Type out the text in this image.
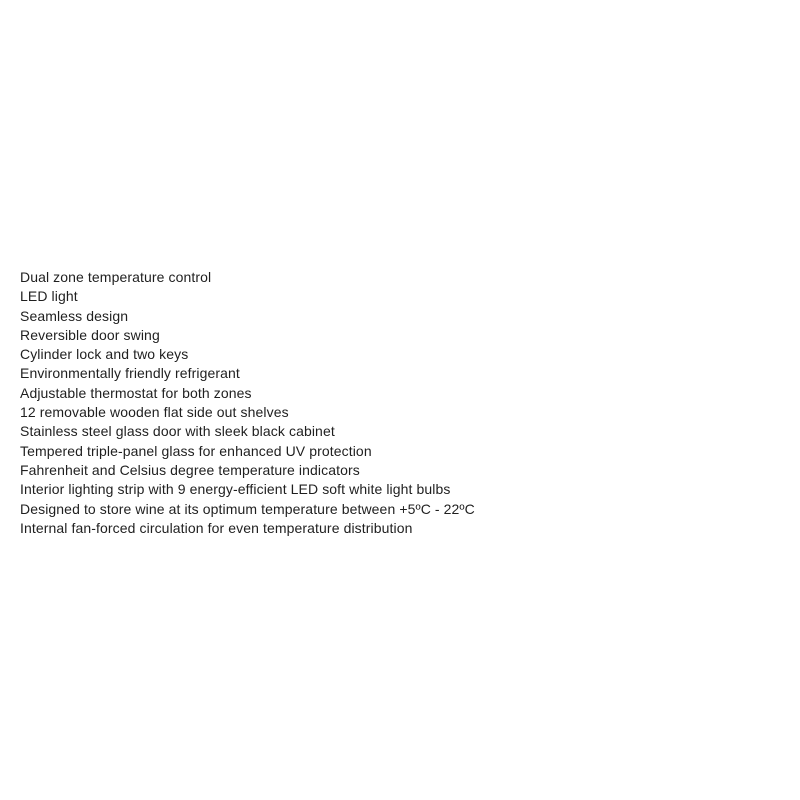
Dual zone temperature control
LED light
Seamless design
Reversible door swing
Cylinder lock and two keys
Environmentally friendly refrigerant
Adjustable thermostat for both zones
12 removable wooden flat side out shelves
Stainless steel glass door with sleek black cabinet
Tempered triple-panel glass for enhanced UV protection
Fahrenheit and Celsius degree temperature indicators
Interior lighting strip with 9 energy-efficient LED soft white light bulbs
Designed to store wine at its optimum temperature between +5ºC - 22ºC
Internal fan-forced circulation for even temperature distribution
